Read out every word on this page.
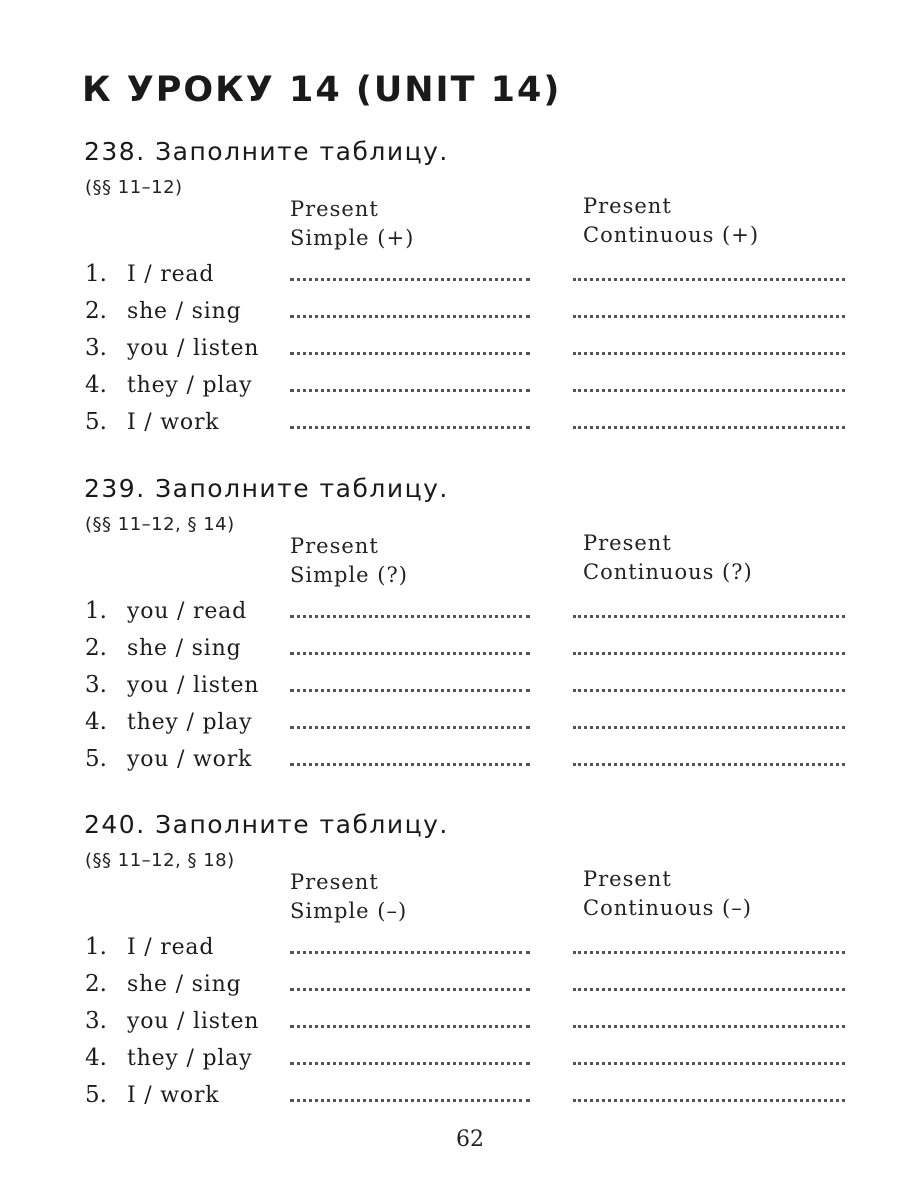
К УРОКУ 14 (UNIT 14)
238. Заполните таблицу.
(§§ 11–12)
Present
Simple (+)
Present
Continuous (+)
1. I / read
2. she / sing
3. you / listen
4. they / play
5. I / work
239. Заполните таблицу.
(§§ 11–12, § 14)
Present
Simple (?)
Present
Continuous (?)
1. you / read
2. she / sing
3. you / listen
4. they / play
5. you / work
240. Заполните таблицу.
(§§ 11–12, § 18)
Present
Simple (–)
Present
Continuous (–)
1. I / read
2. she / sing
3. you / listen
4. they / play
5. I / work
62
